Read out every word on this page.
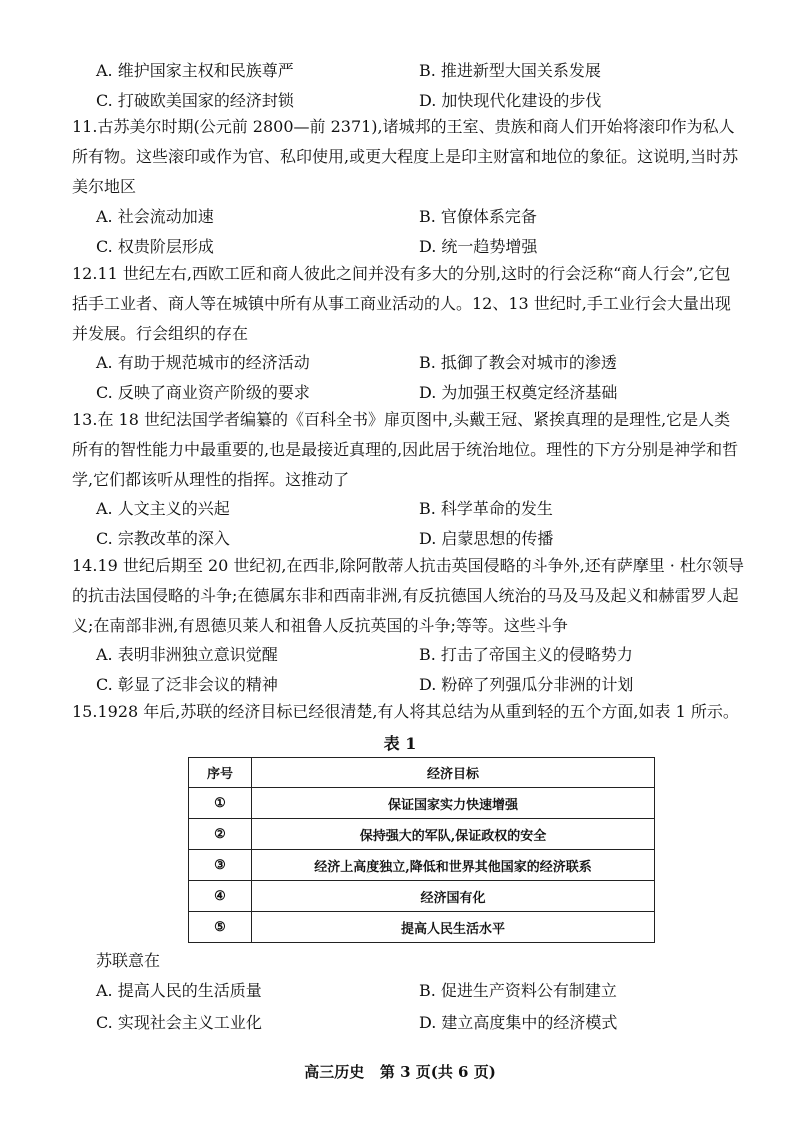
A. 维护国家主权和民族尊严	B. 推进新型大国关系发展
C. 打破欧美国家的经济封锁	D. 加快现代化建设的步伐
11.古苏美尔时期(公元前 2800—前 2371),诸城邦的王室、贵族和商人们开始将滚印作为私人所有物。这些滚印或作为官、私印使用,或更大程度上是印主财富和地位的象征。这说明,当时苏美尔地区
A. 社会流动加速	B. 官僚体系完备
C. 权贵阶层形成	D. 统一趋势增强
12.11 世纪左右,西欧工匠和商人彼此之间并没有多大的分别,这时的行会泛称“商人行会”,它包括手工业者、商人等在城镇中所有从事工商业活动的人。12、13 世纪时,手工业行会大量出现并发展。行会组织的存在
A. 有助于规范城市的经济活动	B. 抵御了教会对城市的渗透
C. 反映了商业资产阶级的要求	D. 为加强王权奠定经济基础
13.在 18 世纪法国学者编纂的《百科全书》扉页图中,头戴王冠、紧挨真理的是理性,它是人类所有的智性能力中最重要的,也是最接近真理的,因此居于统治地位。理性的下方分别是神学和哲学,它们都该听从理性的指挥。这推动了
A. 人文主义的兴起	B. 科学革命的发生
C. 宗教改革的深入	D. 启蒙思想的传播
14.19 世纪后期至 20 世纪初,在西非,除阿散蒂人抗击英国侵略的斗争外,还有萨摩里 · 杜尔领导的抗击法国侵略的斗争;在德属东非和西南非洲,有反抗德国人统治的马及马及起义和赫雷罗人起义;在南部非洲,有恩德贝莱人和祖鲁人反抗英国的斗争;等等。这些斗争
A. 表明非洲独立意识觉醒	B. 打击了帝国主义的侵略势力
C. 彰显了泛非会议的精神	D. 粉碎了列强瓜分非洲的计划
15.1928 年后,苏联的经济目标已经很清楚,有人将其总结为从重到轻的五个方面,如表 1 所示。
表 1
序号	经济目标
①	保证国家实力快速增强
②	保持强大的军队,保证政权的安全
③	经济上高度独立,降低和世界其他国家的经济联系
④	经济国有化
⑤	提高人民生活水平
苏联意在
A. 提高人民的生活质量	B. 促进生产资料公有制建立
C. 实现社会主义工业化	D. 建立高度集中的经济模式
高三历史   第 3 页(共 6 页)
